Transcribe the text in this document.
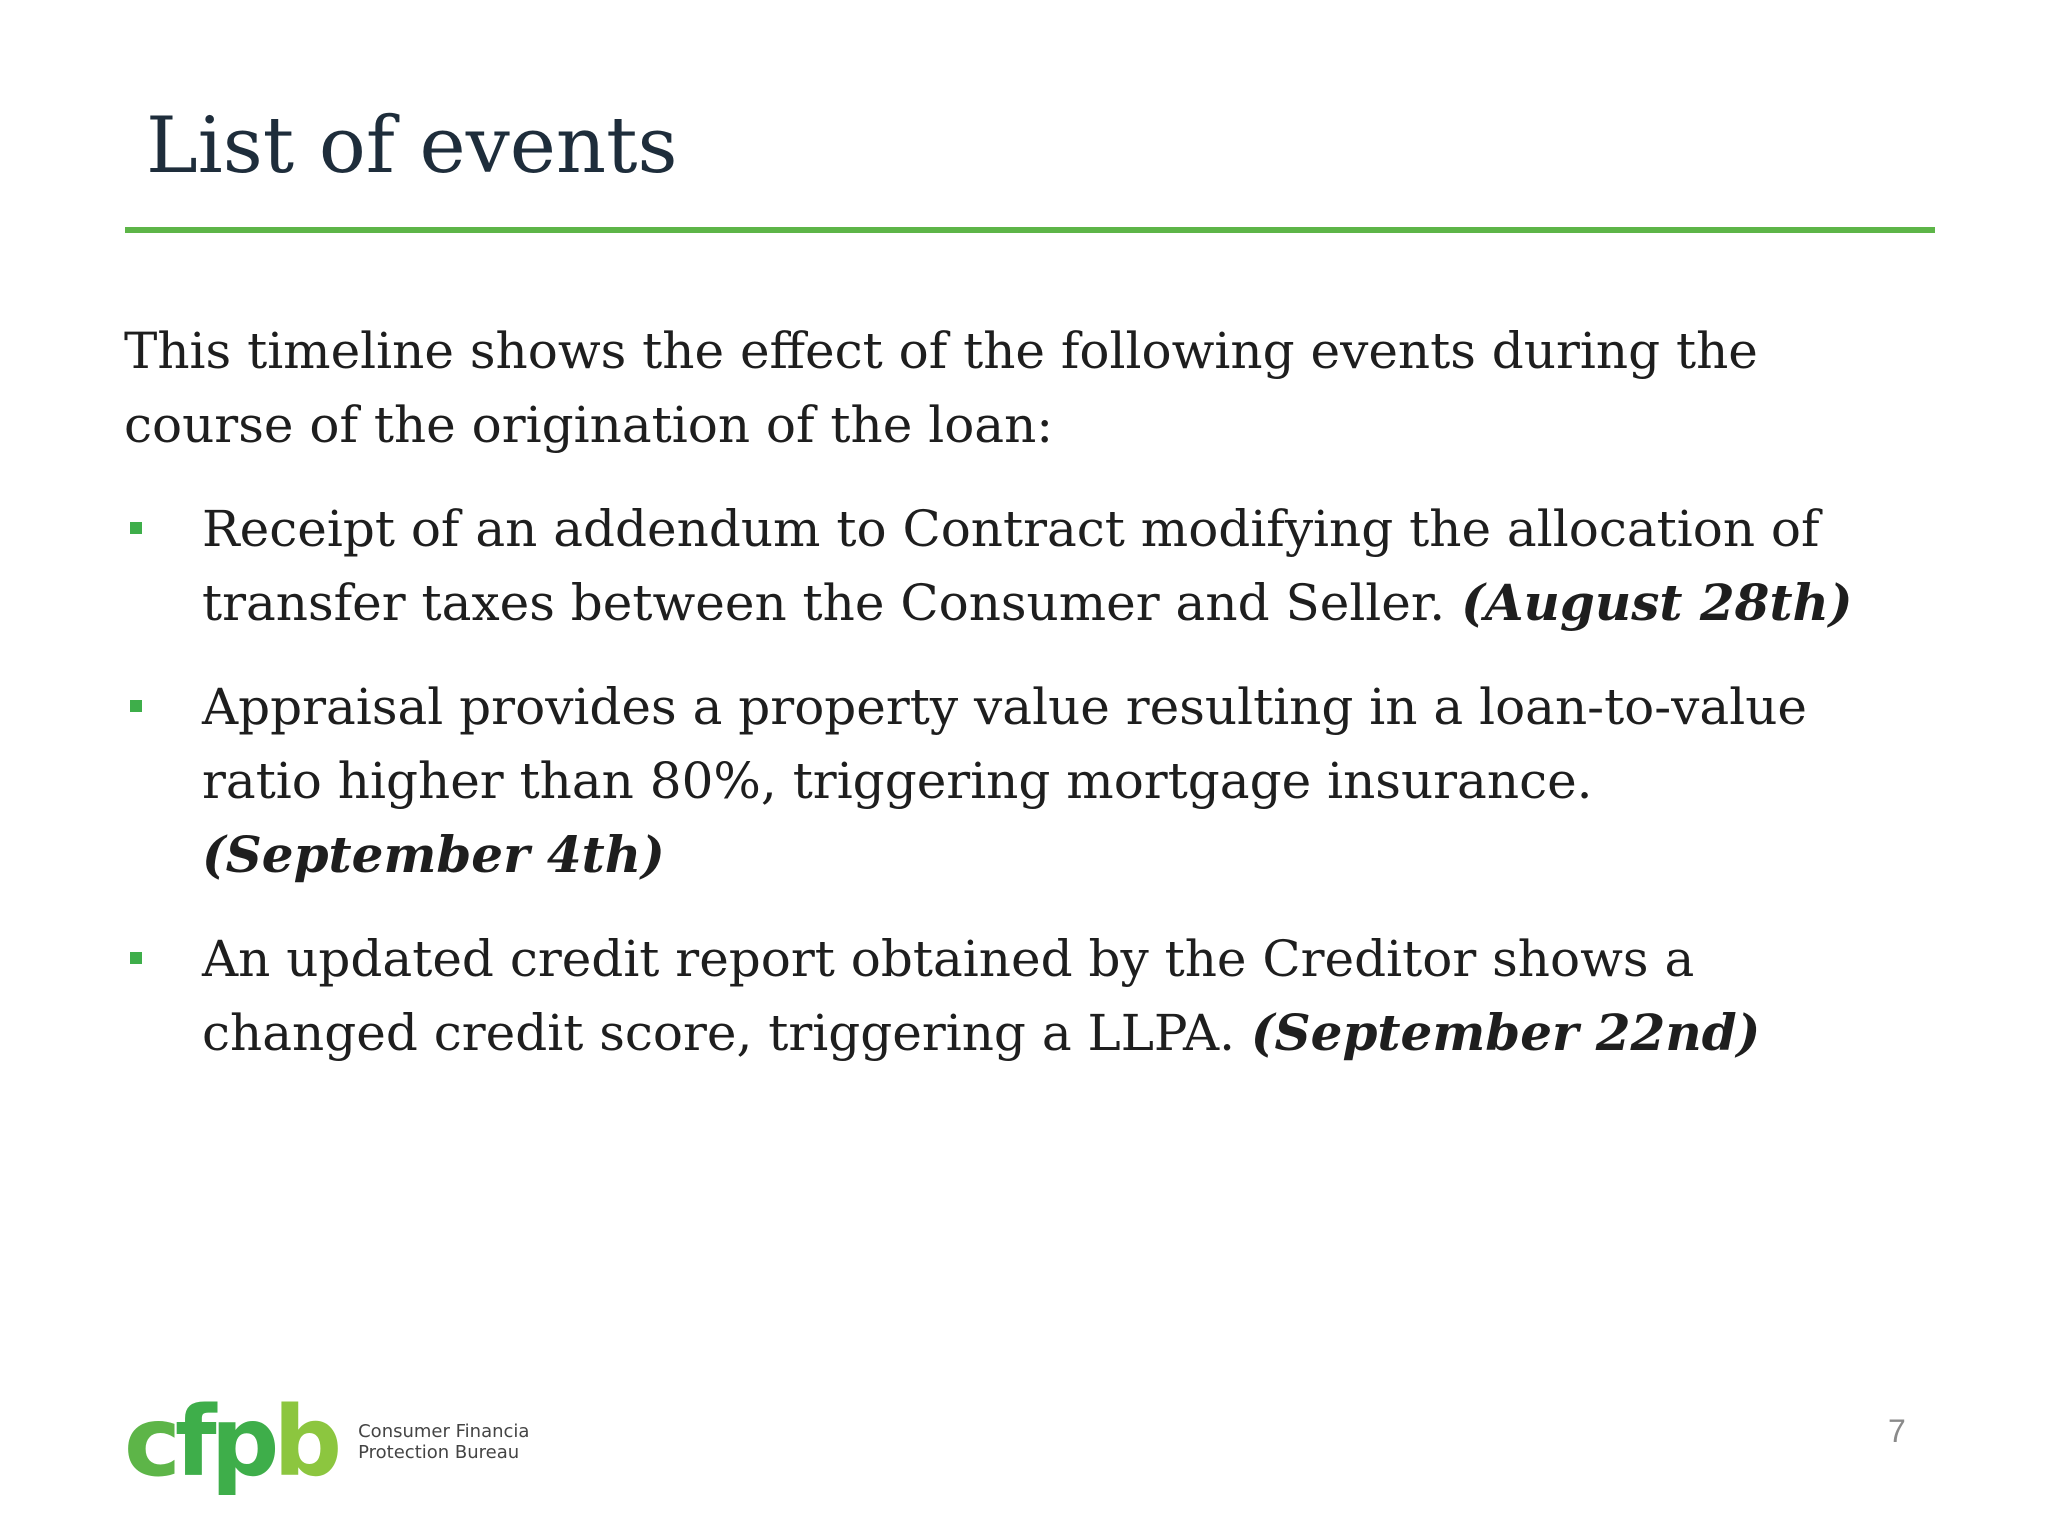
List of events

This timeline shows the effect of the following events during the course of the origination of the loan:

Receipt of an addendum to Contract modifying the allocation of transfer taxes between the Consumer and Seller. (August 28th)
Appraisal provides a property value resulting in a loan-to-value ratio higher than 80%, triggering mortgage insurance. (September 4th)
An updated credit report obtained by the Creditor shows a changed credit score, triggering a LLPA. (September 22nd)
cfpb Consumer Financia
Protection Bureau
7
